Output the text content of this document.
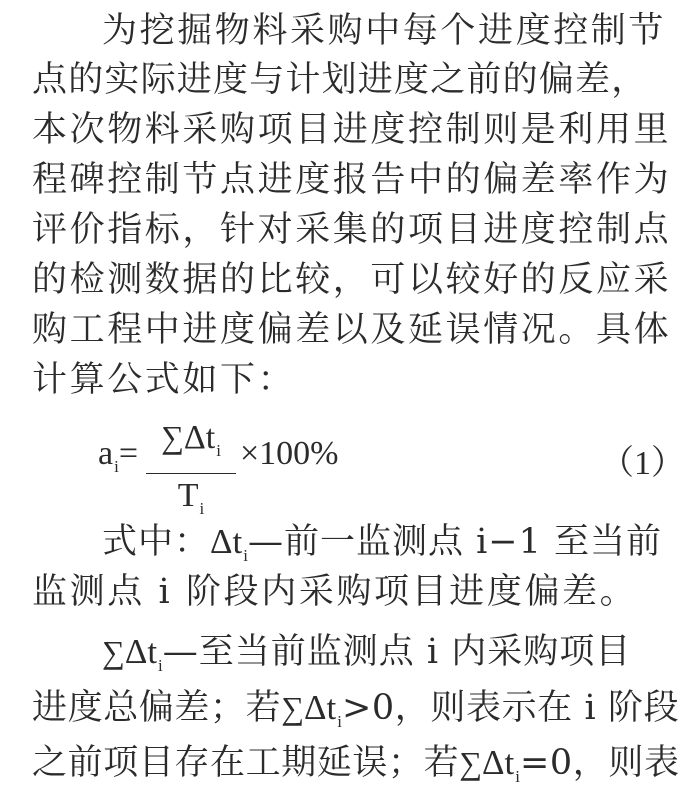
为挖掘物料采购中每个进度控制节
点的实际进度与计划进度之前的偏差，
本次物料采购项目进度控制则是利用里
程碑控制节点进度报告中的偏差率作为
评价指标，针对采集的项目进度控制点
的检测数据的比较，可以较好的反应采
购工程中进度偏差以及延误情况。具体
计算公式如下：
$a_i= \sum\Delta t_i$
$T_i$
×100%	（1）
式中：$\Delta t_i—$前一监测点 i−1 至当前
监测点 i 阶段内采购项目进度偏差。
$\sum\Delta t_i—$至当前监测点 i 内采购项目
进度总偏差；若$\sum\Delta t_i>0$，则表示在 i 阶段
之前项目存在工期延误；若$\sum\Delta t_i=0$，则表
